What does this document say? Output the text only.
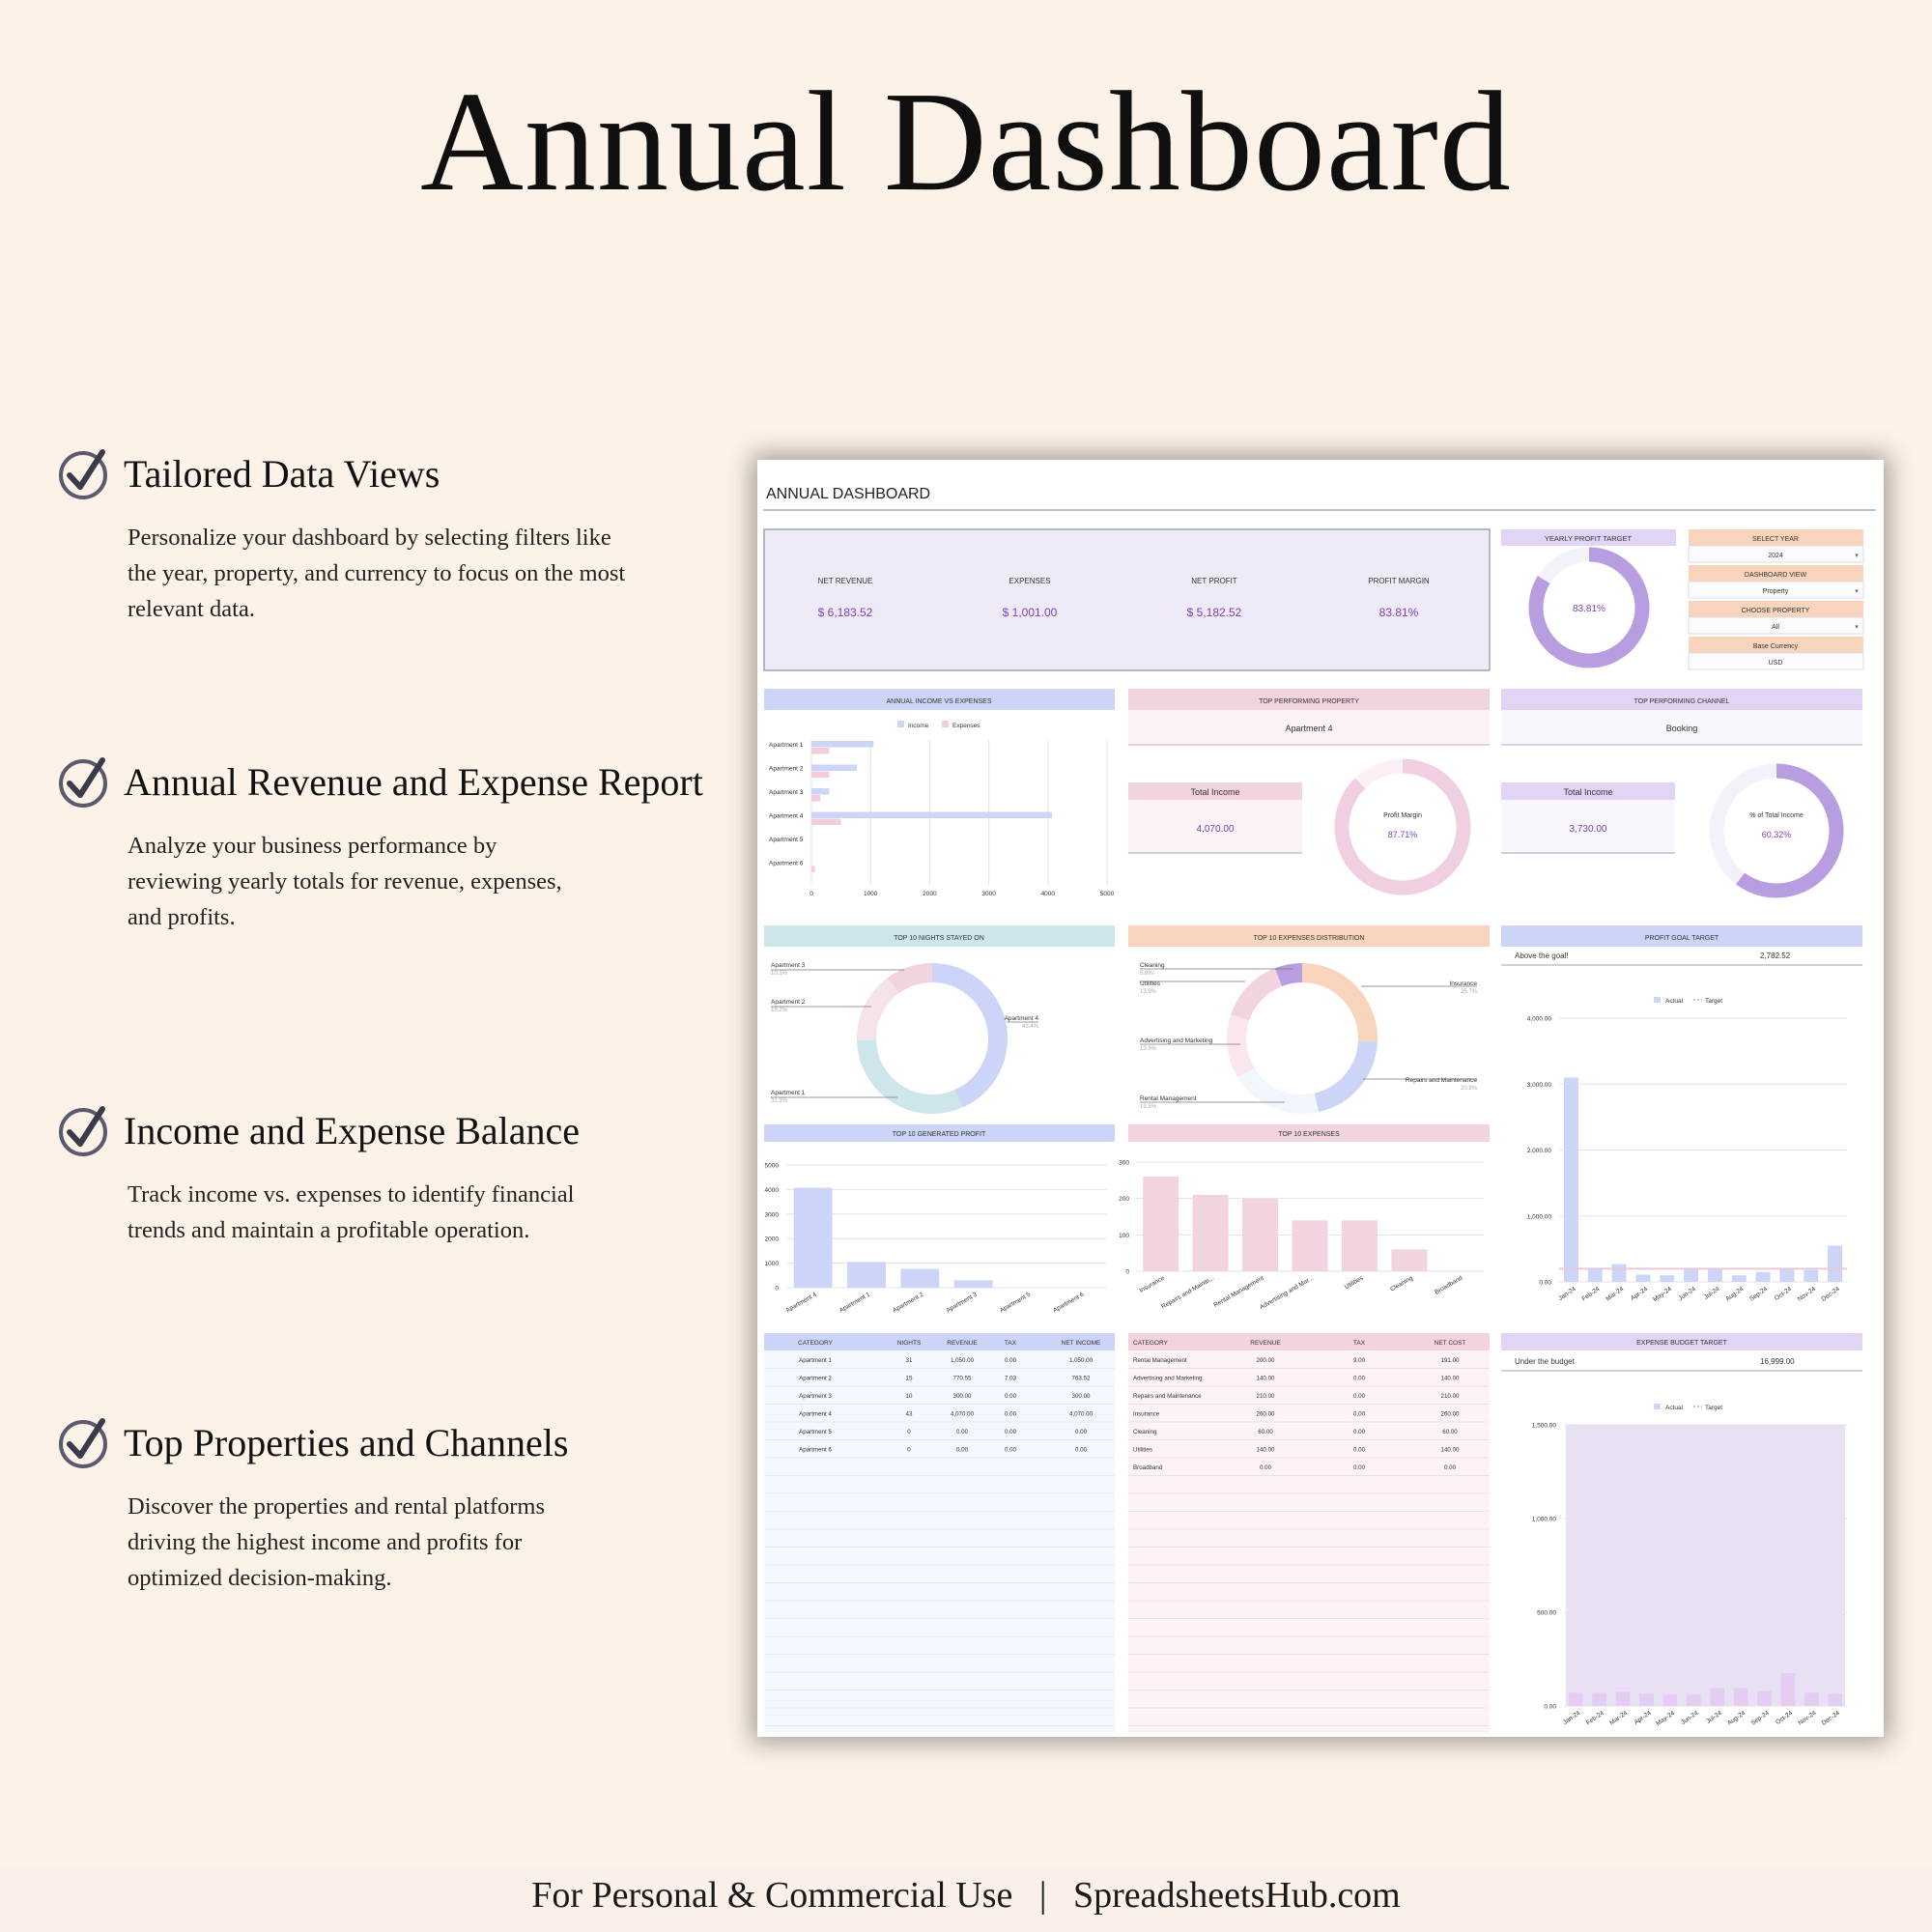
Annual Dashboard
Tailored Data Views

Personalize your dashboard by selecting filters like
the year, property, and currency to focus on the most
relevant data.

Annual Revenue and Expense Report

Analyze your business performance by
reviewing yearly totals for revenue, expenses,
and profits.

Income and Expense Balance

Track income vs. expenses to identify financial
trends and maintain a profitable operation.

Top Properties and Channels

Discover the properties and rental platforms
driving the highest income and profits for
optimized decision-making.

ANNUAL DASHBOARD
NET REVENUE
$ 6,183.52
EXPENSES
$ 1,001.00
NET PROFIT
$ 5,182.52
PROFIT MARGIN
83.81%
YEARLY PROFIT TARGET
83.81%
SELECT YEAR
2024	▾
DASHBOARD VIEW
Property	▾
CHOOSE PROPERTY
All	▾
Base Currency
USD
ANNUAL INCOME VS EXPENSES
Income	Expenses
0	1000	2000	3000	4000	5000
Apartment 1
Apartment 2
Apartment 3
Apartment 4
Apartment 5
Apartment 6
TOP PERFORMING PROPERTY
Apartment 4
Total Income
4,070.00
Profit Margin
87.71%
TOP PERFORMING CHANNEL
Booking
Total Income
3,730.00
% of Total Income
60.32%
TOP 10 NIGHTS STAYED ON
Apartment 4
43.4%
Apartment 1
31.3%
Apartment 2
15.2%
Apartment 3
10.1%
TOP 10 EXPENSES DISTRIBUTION
Insurance
25.7%
Repairs and Maintenance
20.8%
Rental Management
19.8%
Advertising and Marketing
13.9%
Utilities
13.9%
Cleaning
5.9%
PROFIT GOAL TARGET
Above the goal!	2,782.52
Actual	Target
0.00
1,000.00
2,000.00
3,000.00
4,000.00
Jan-24 Feb-24 Mar-24 Apr-24 May-24 Jun-24 Jul-24 Aug-24 Sep-24 Oct-24 Nov-24 Dec-24
TOP 10 GENERATED PROFIT
0
1000
2000
3000
4000
5000
Apartment 4	Apartment 1	Apartment 2	Apartment 3	Apartment 5	Apartment 6
TOP 10 EXPENSES
0
100
200
300
Insurance
Repairs and Mainte...
Rental Management
Advertising and Mar...	Utilities	Cleaning	Broadband
CATEGORY	NIGHTS	REVENUE	TAX	NET INCOME
Apartment 1	31	1,050.00	0.00	1,050.00
Apartment 2	15	770.55	7.03	763.52
Apartment 3	10	300.00	0.00	300.00
Apartment 4	43	4,070.00	0.00	4,070.00
Apartment 5	0	0.00	0.00	0.00
Apartment 6	0	0.00	0.00	0.00
CATEGORY	REVENUE	TAX	NET COST
Rental Management	200.00	9.00	191.00
Advertising and Marketing	140.00	0.00	140.00
Repairs and Maintenance	210.00	0.00	210.00
Insurance	260.00	0.00	260.00
Cleaning	60.00	0.00	60.00
Utilities	140.00	0.00	140.00
Broadband	0.00	0.00	0.00
EXPENSE BUDGET TARGET
Under the budget	16,999.00
Actual	Target
0.00
500.00
1,000.00
1,500.00
Jan-24 Feb-24 Mar-24 Apr-24 May-24 Jun-24 Jul-24 Aug-24 Sep-24 Oct-24 Nov-24 Dec-24
For Personal & Commercial Use | SpreadsheetsHub.com
